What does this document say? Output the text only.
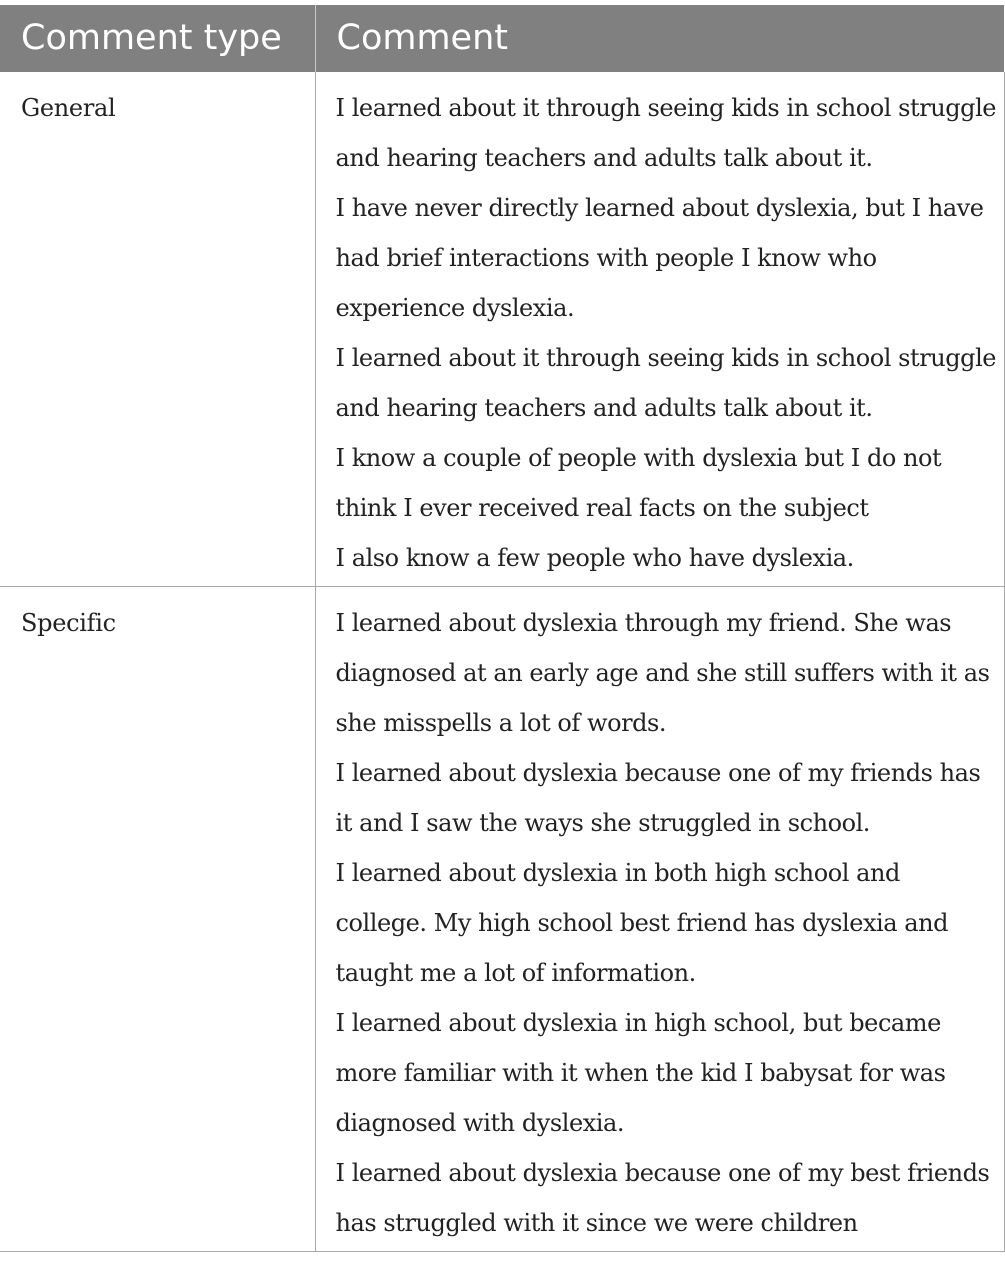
Comment type	Comment
General	I learned about it through seeing kids in school struggle and hearing teachers and adults talk about it.

I have never directly learned about dyslexia, but I have had brief interactions with people I know who experience dyslexia.

I learned about it through seeing kids in school struggle and hearing teachers and adults talk about it.

I know a couple of people with dyslexia but I do not think I ever received real facts on the subject

I also know a few people who have dyslexia.

Specific	I learned about dyslexia through my friend. She was diagnosed at an early age and she still suffers with it as she misspells a lot of words.

I learned about dyslexia because one of my friends has it and I saw the ways she struggled in school.

I learned about dyslexia in both high school and college. My high school best friend has dyslexia and taught me a lot of information.

I learned about dyslexia in high school, but became more familiar with it when the kid I babysat for was diagnosed with dyslexia.

I learned about dyslexia because one of my best friends has struggled with it since we were children
